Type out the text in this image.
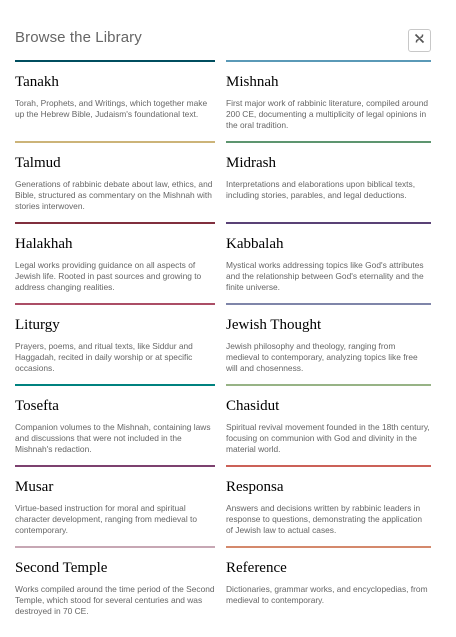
Browse the Library
Tanakh
Torah, Prophets, and Writings, which together make up the Hebrew Bible, Judaism's foundational text.
Mishnah
First major work of rabbinic literature, compiled around 200 CE, documenting a multiplicity of legal opinions in the oral tradition.
Talmud
Generations of rabbinic debate about law, ethics, and Bible, structured as commentary on the Mishnah with stories interwoven.
Midrash
Interpretations and elaborations upon biblical texts, including stories, parables, and legal deductions.
Halakhah
Legal works providing guidance on all aspects of Jewish life. Rooted in past sources and growing to address changing realities.
Kabbalah
Mystical works addressing topics like God's attributes and the relationship between God's eternality and the finite universe.
Liturgy
Prayers, poems, and ritual texts, like Siddur and Haggadah, recited in daily worship or at specific occasions.
Jewish Thought
Jewish philosophy and theology, ranging from medieval to contemporary, analyzing topics like free will and chosenness.
Tosefta
Companion volumes to the Mishnah, containing laws and discussions that were not included in the Mishnah's redaction.
Chasidut
Spiritual revival movement founded in the 18th century, focusing on communion with God and divinity in the material world.
Musar
Virtue-based instruction for moral and spiritual character development, ranging from medieval to contemporary.
Responsa
Answers and decisions written by rabbinic leaders in response to questions, demonstrating the application of Jewish law to actual cases.
Second Temple
Works compiled around the time period of the Second Temple, which stood for several centuries and was destroyed in 70 CE.
Reference
Dictionaries, grammar works, and encyclopedias, from medieval to contemporary.
